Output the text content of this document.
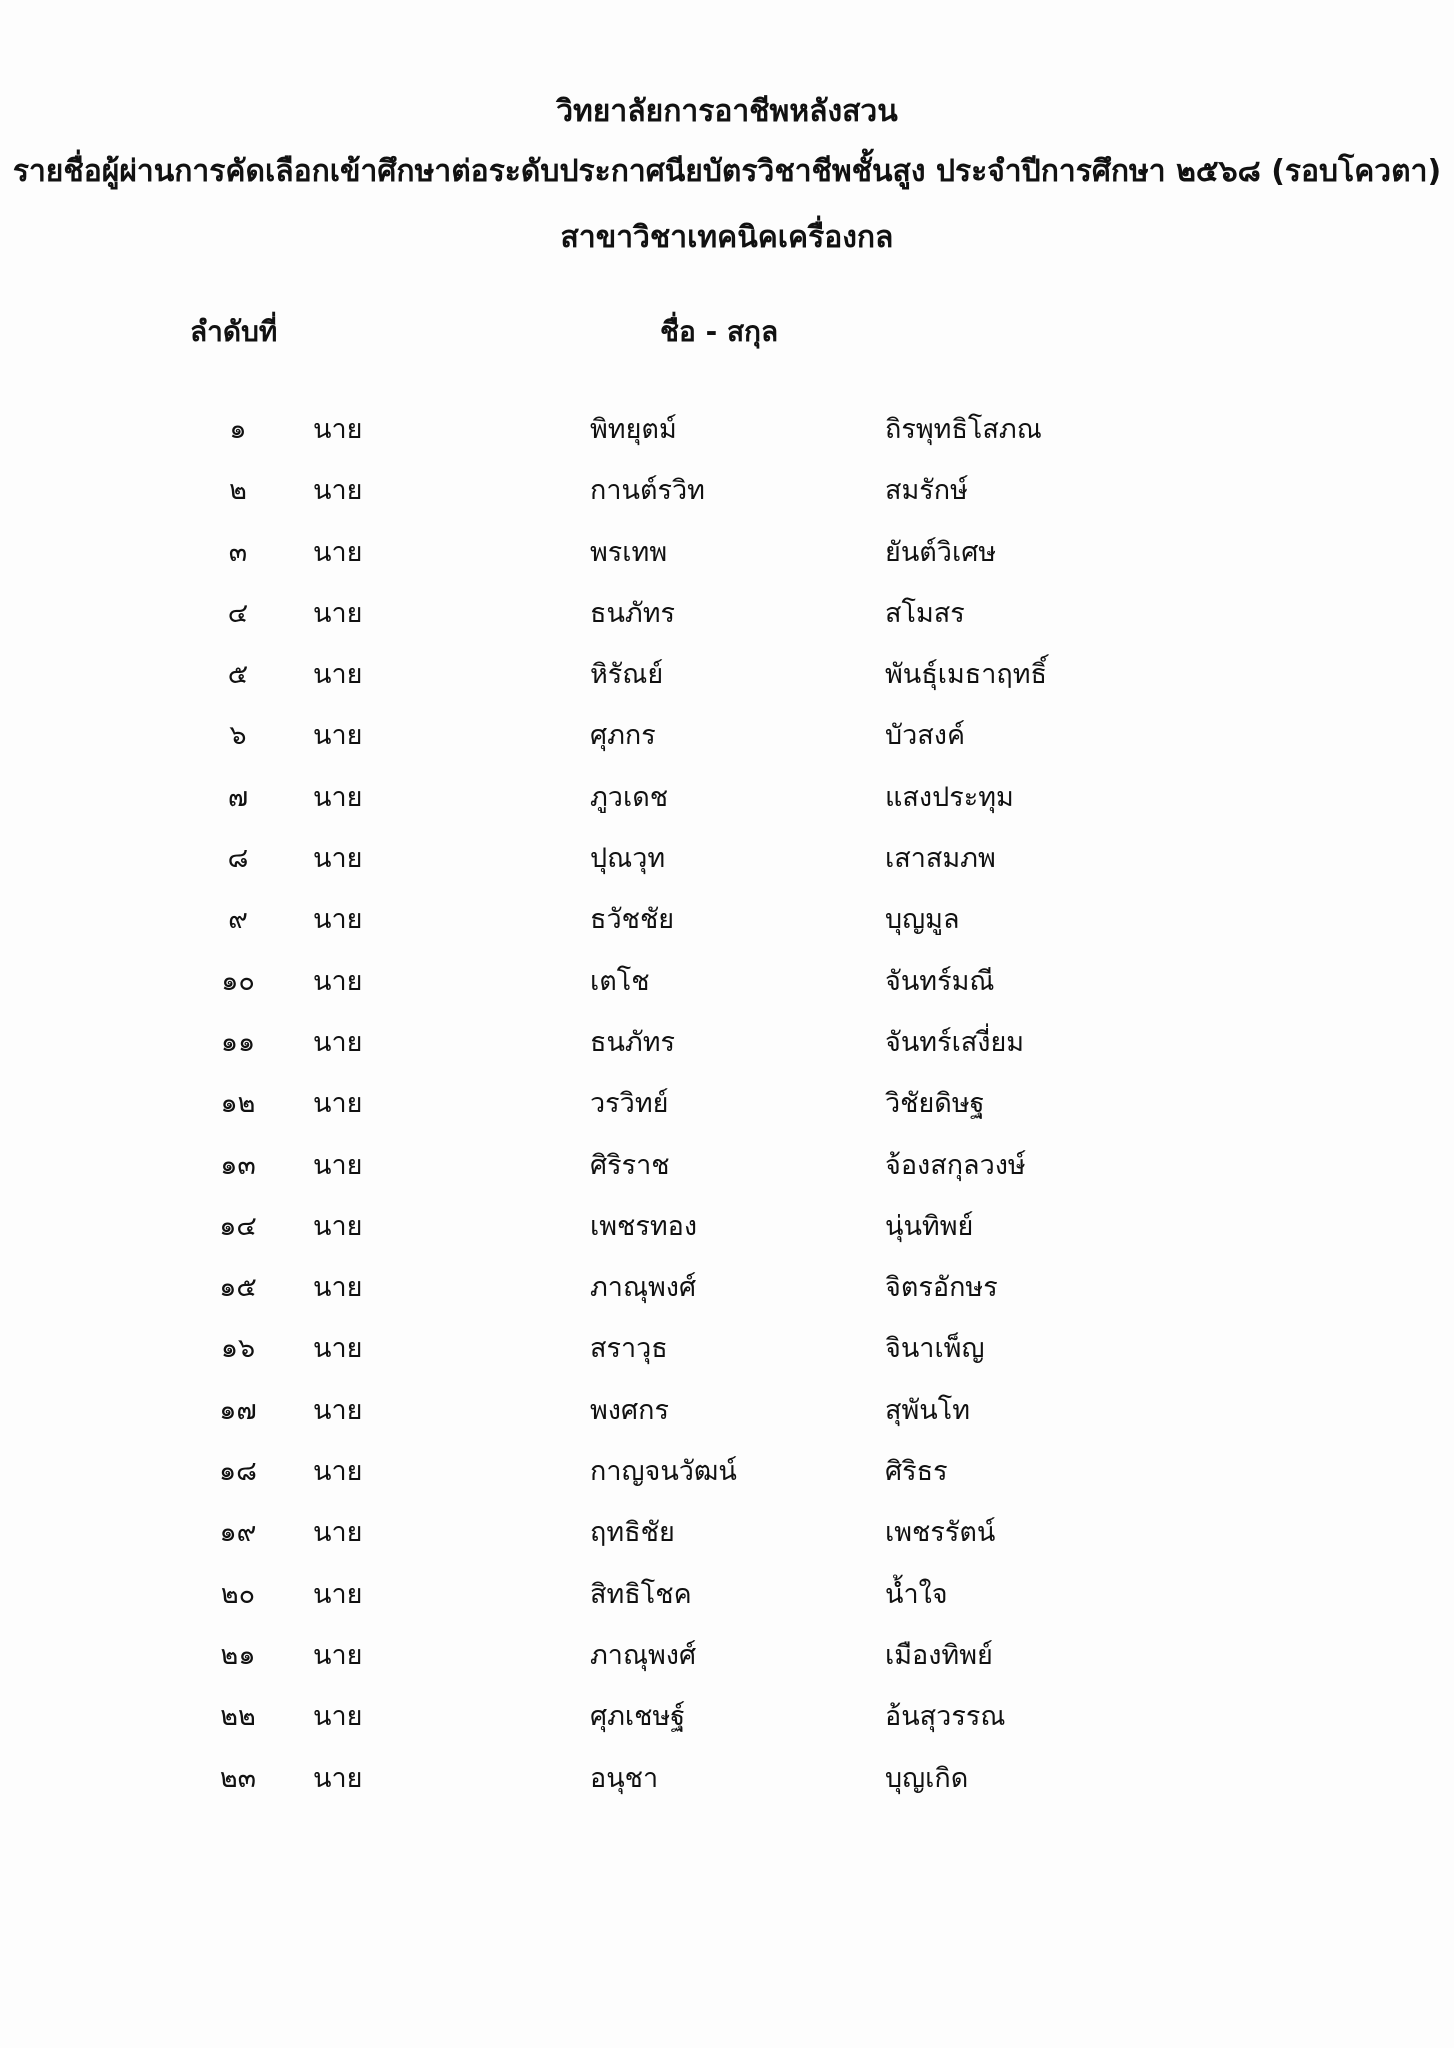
วิทยาลัยการอาชีพหลังสวน
รายชื่อผู้ผ่านการคัดเลือกเข้าศึกษาต่อระดับประกาศนียบัตรวิชาชีพชั้นสูง ประจำปีการศึกษา ๒๕๖๘ (รอบโควตา)
สาขาวิชาเทคนิคเครื่องกล
ลำดับที่	ชื่อ - สกุล
๑	นาย	พิทยุตม์	ถิรพุทธิโสภณ
๒	นาย	กานต์รวิท	สมรักษ์
๓	นาย	พรเทพ	ยันต์วิเศษ
๔	นาย	ธนภัทร	สโมสร
๕	นาย	หิรัณย์	พันธุ์เมธาฤทธิ์
๖	นาย	ศุภกร	บัวสงค์
๗	นาย	ภูวเดช	แสงประทุม
๘	นาย	ปุณวุท	เสาสมภพ
๙	นาย	ธวัชชัย	บุญมูล
๑๐	นาย	เตโช	จันทร์มณี
๑๑	นาย	ธนภัทร	จันทร์เสงี่ยม
๑๒	นาย	วรวิทย์	วิชัยดิษฐ
๑๓	นาย	ศิริราช	จ้องสกุลวงษ์
๑๔	นาย	เพชรทอง	นุ่นทิพย์
๑๕	นาย	ภาณุพงศ์	จิตรอักษร
๑๖	นาย	สราวุธ	จินาเพ็ญ
๑๗	นาย	พงศกร	สุพันโท
๑๘	นาย	กาญจนวัฒน์	ศิริธร
๑๙	นาย	ฤทธิชัย	เพชรรัตน์
๒๐	นาย	สิทธิโชค	น้ำใจ
๒๑	นาย	ภาณุพงศ์	เมืองทิพย์
๒๒	นาย	ศุภเชษฐ์	อ้นสุวรรณ
๒๓	นาย	อนุชา	บุญเกิด
